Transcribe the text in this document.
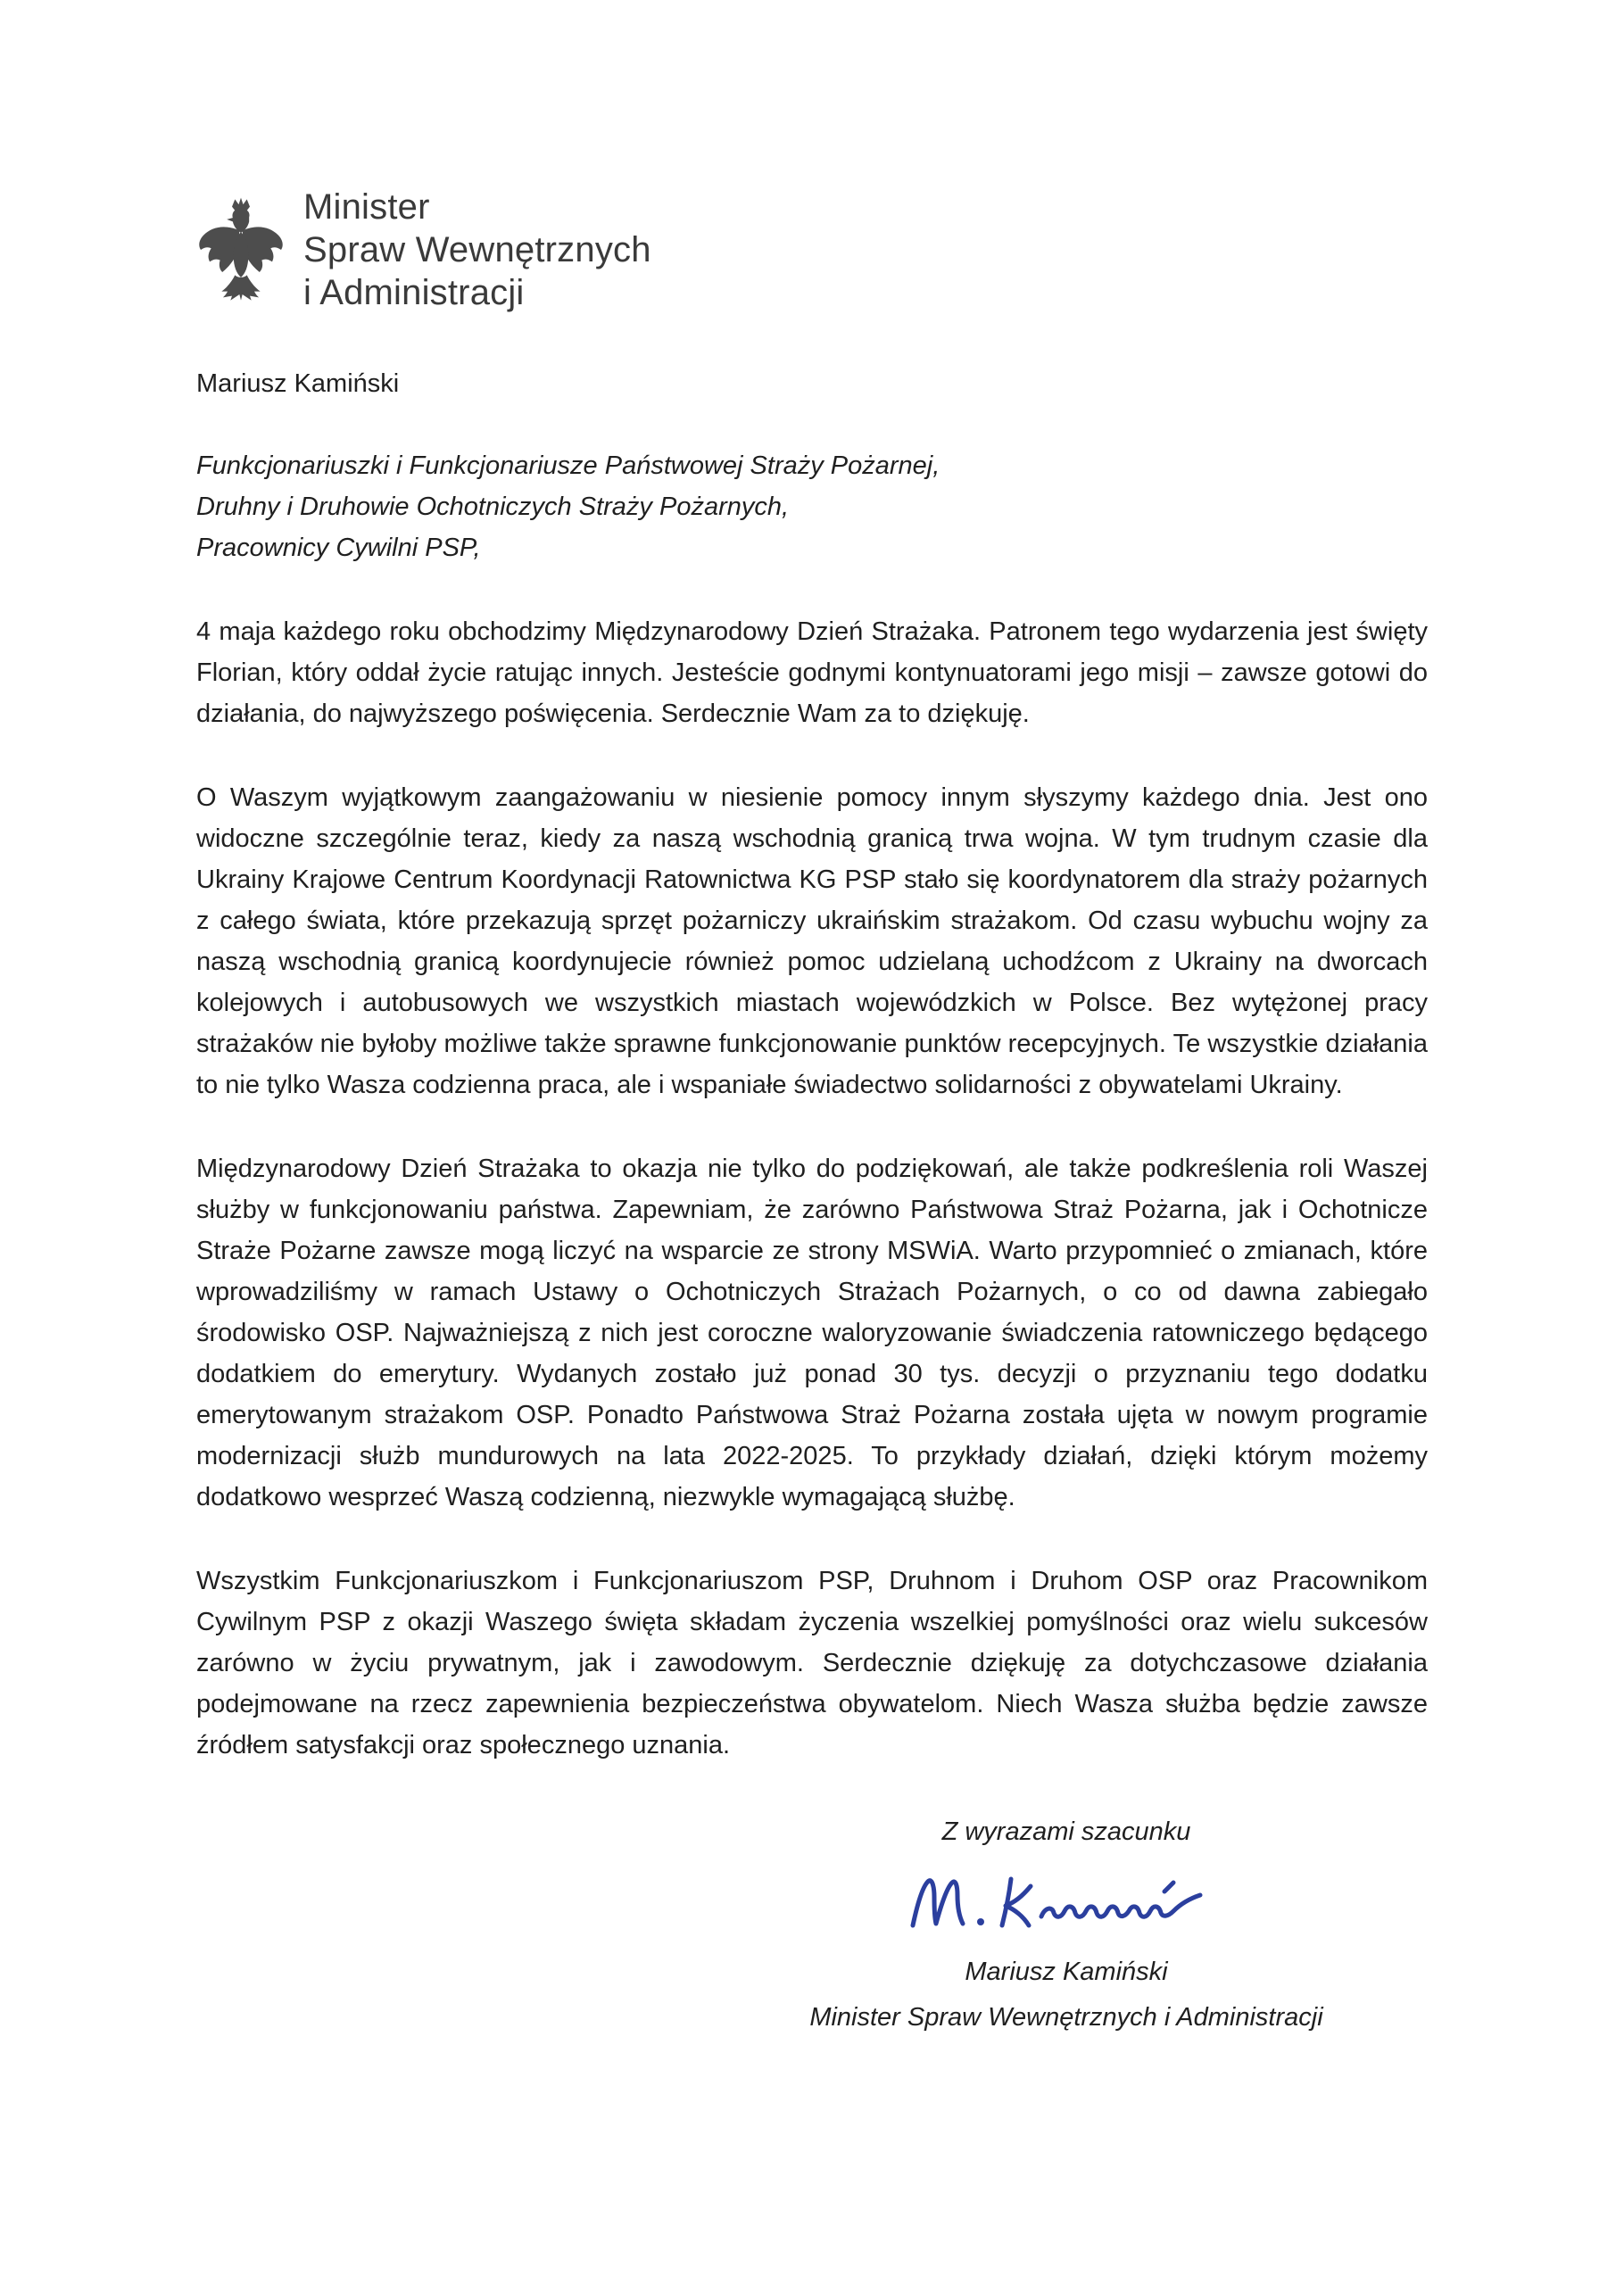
Minister
Spraw Wewnętrznych
i Administracji
Mariusz Kamiński
Funkcjonariuszki i Funkcjonariusze Państwowej Straży Pożarnej,
Druhny i Druhowie Ochotniczych Straży Pożarnych,
Pracownicy Cywilni PSP,

4 maja każdego roku obchodzimy Międzynarodowy Dzień Strażaka. Patronem tego wydarzenia jest święty Florian, który oddał życie ratując innych. Jesteście godnymi kontynuatorami jego misji – zawsze gotowi do działania, do najwyższego poświęcenia. Serdecznie Wam za to dziękuję.

O Waszym wyjątkowym zaangażowaniu w niesienie pomocy innym słyszymy każdego dnia. Jest ono widoczne szczególnie teraz, kiedy za naszą wschodnią granicą trwa wojna. W tym trudnym czasie dla Ukrainy Krajowe Centrum Koordynacji Ratownictwa KG PSP stało się koordynatorem dla straży pożarnych z całego świata, które przekazują sprzęt pożarniczy ukraińskim strażakom. Od czasu wybuchu wojny za naszą wschodnią granicą koordynujecie również pomoc udzielaną uchodźcom z Ukrainy na dworcach kolejowych i autobusowych we wszystkich miastach wojewódzkich w Polsce. Bez wytężonej pracy strażaków nie byłoby możliwe także sprawne funkcjonowanie punktów recepcyjnych. Te wszystkie działania to nie tylko Wasza codzienna praca, ale i wspaniałe świadectwo solidarności z obywatelami Ukrainy.

Międzynarodowy Dzień Strażaka to okazja nie tylko do podziękowań, ale także podkreślenia roli Waszej służby w funkcjonowaniu państwa. Zapewniam, że zarówno Państwowa Straż Pożarna, jak i Ochotnicze Straże Pożarne zawsze mogą liczyć na wsparcie ze strony MSWiA. Warto przypomnieć o zmianach, które wprowadziliśmy w ramach Ustawy o Ochotniczych Strażach Pożarnych, o co od dawna zabiegało środowisko OSP. Najważniejszą z nich jest coroczne waloryzowanie świadczenia ratowniczego będącego dodatkiem do emerytury. Wydanych zostało już ponad 30 tys. decyzji o przyznaniu tego dodatku emerytowanym strażakom OSP. Ponadto Państwowa Straż Pożarna została ujęta w nowym programie modernizacji służb mundurowych na lata 2022-2025. To przykłady działań, dzięki którym możemy dodatkowo wesprzeć Waszą codzienną, niezwykle wymagającą służbę.

Wszystkim Funkcjonariuszkom i Funkcjonariuszom PSP, Druhnom i Druhom OSP oraz Pracownikom Cywilnym PSP z okazji Waszego święta składam życzenia wszelkiej pomyślności oraz wielu sukcesów zarówno w życiu prywatnym, jak i zawodowym. Serdecznie dziękuję za dotychczasowe działania podejmowane na rzecz zapewnienia bezpieczeństwa obywatelom. Niech Wasza służba będzie zawsze źródłem satysfakcji oraz społecznego uznania.

Z wyrazami szacunku
Mariusz Kamiński
Minister Spraw Wewnętrznych i Administracji
